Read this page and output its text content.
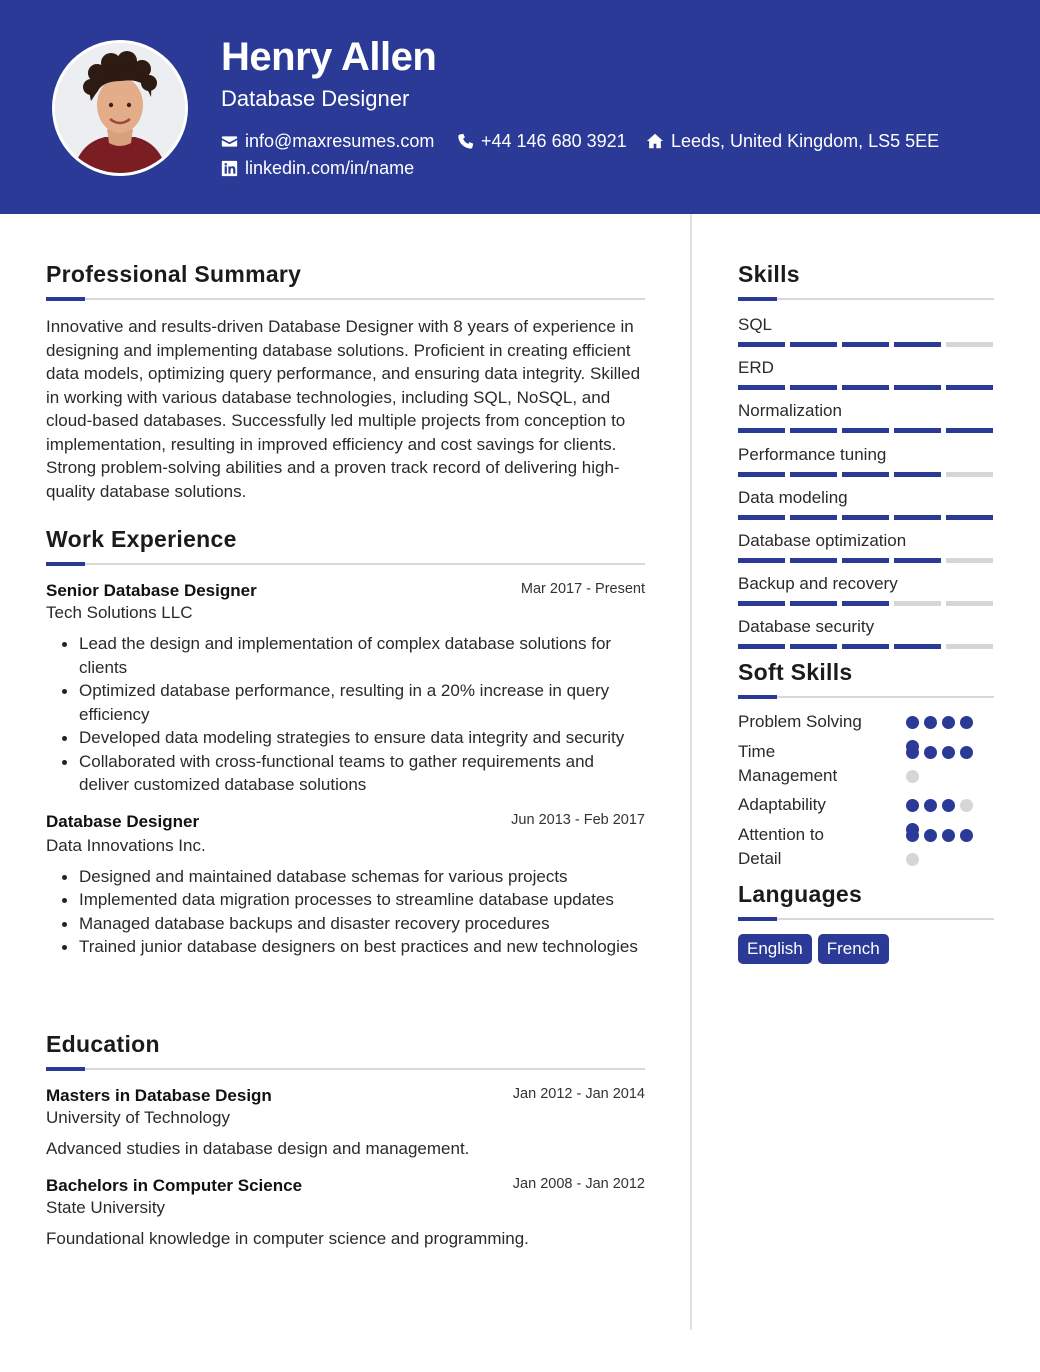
Henry Allen
Database Designer
info@maxresumes.com	+44 146 680 3921 Leeds, United Kingdom, LS5 5EE
linkedin.com/in/name
Professional Summary
Innovative and results-driven Database Designer with 8 years of experience in designing and implementing database solutions. Proficient in creating efficient data models, optimizing query performance, and ensuring data integrity. Skilled in working with various database technologies, including SQL, NoSQL, and cloud-based databases. Successfully led multiple projects from conception to implementation, resulting in improved efficiency and cost savings for clients. Strong problem-solving abilities and a proven track record of delivering high-quality database solutions.
Work Experience
Senior Database Designer	Mar 2017 - Present
Tech Solutions LLC
Lead the design and implementation of complex database solutions for clients
Optimized database performance, resulting in a 20% increase in query efficiency
Developed data modeling strategies to ensure data integrity and security
Collaborated with cross-functional teams to gather requirements and deliver customized database solutions
Database Designer	Jun 2013 - Feb 2017
Data Innovations Inc.
Designed and maintained database schemas for various projects
Implemented data migration processes to streamline database updates
Managed database backups and disaster recovery procedures
Trained junior database designers on best practices and new technologies
Education
Masters in Database Design	Jan 2012 - Jan 2014
University of Technology
Advanced studies in database design and management.
Bachelors in Computer Science	Jan 2008 - Jan 2012
State University
Foundational knowledge in computer science and programming.
Skills
SQL
ERD
Normalization
Performance tuning
Data modeling
Database optimization
Backup and recovery
Database security
Soft Skills
Problem Solving
Time Management
Adaptability
Attention to Detail
Languages
English	French
